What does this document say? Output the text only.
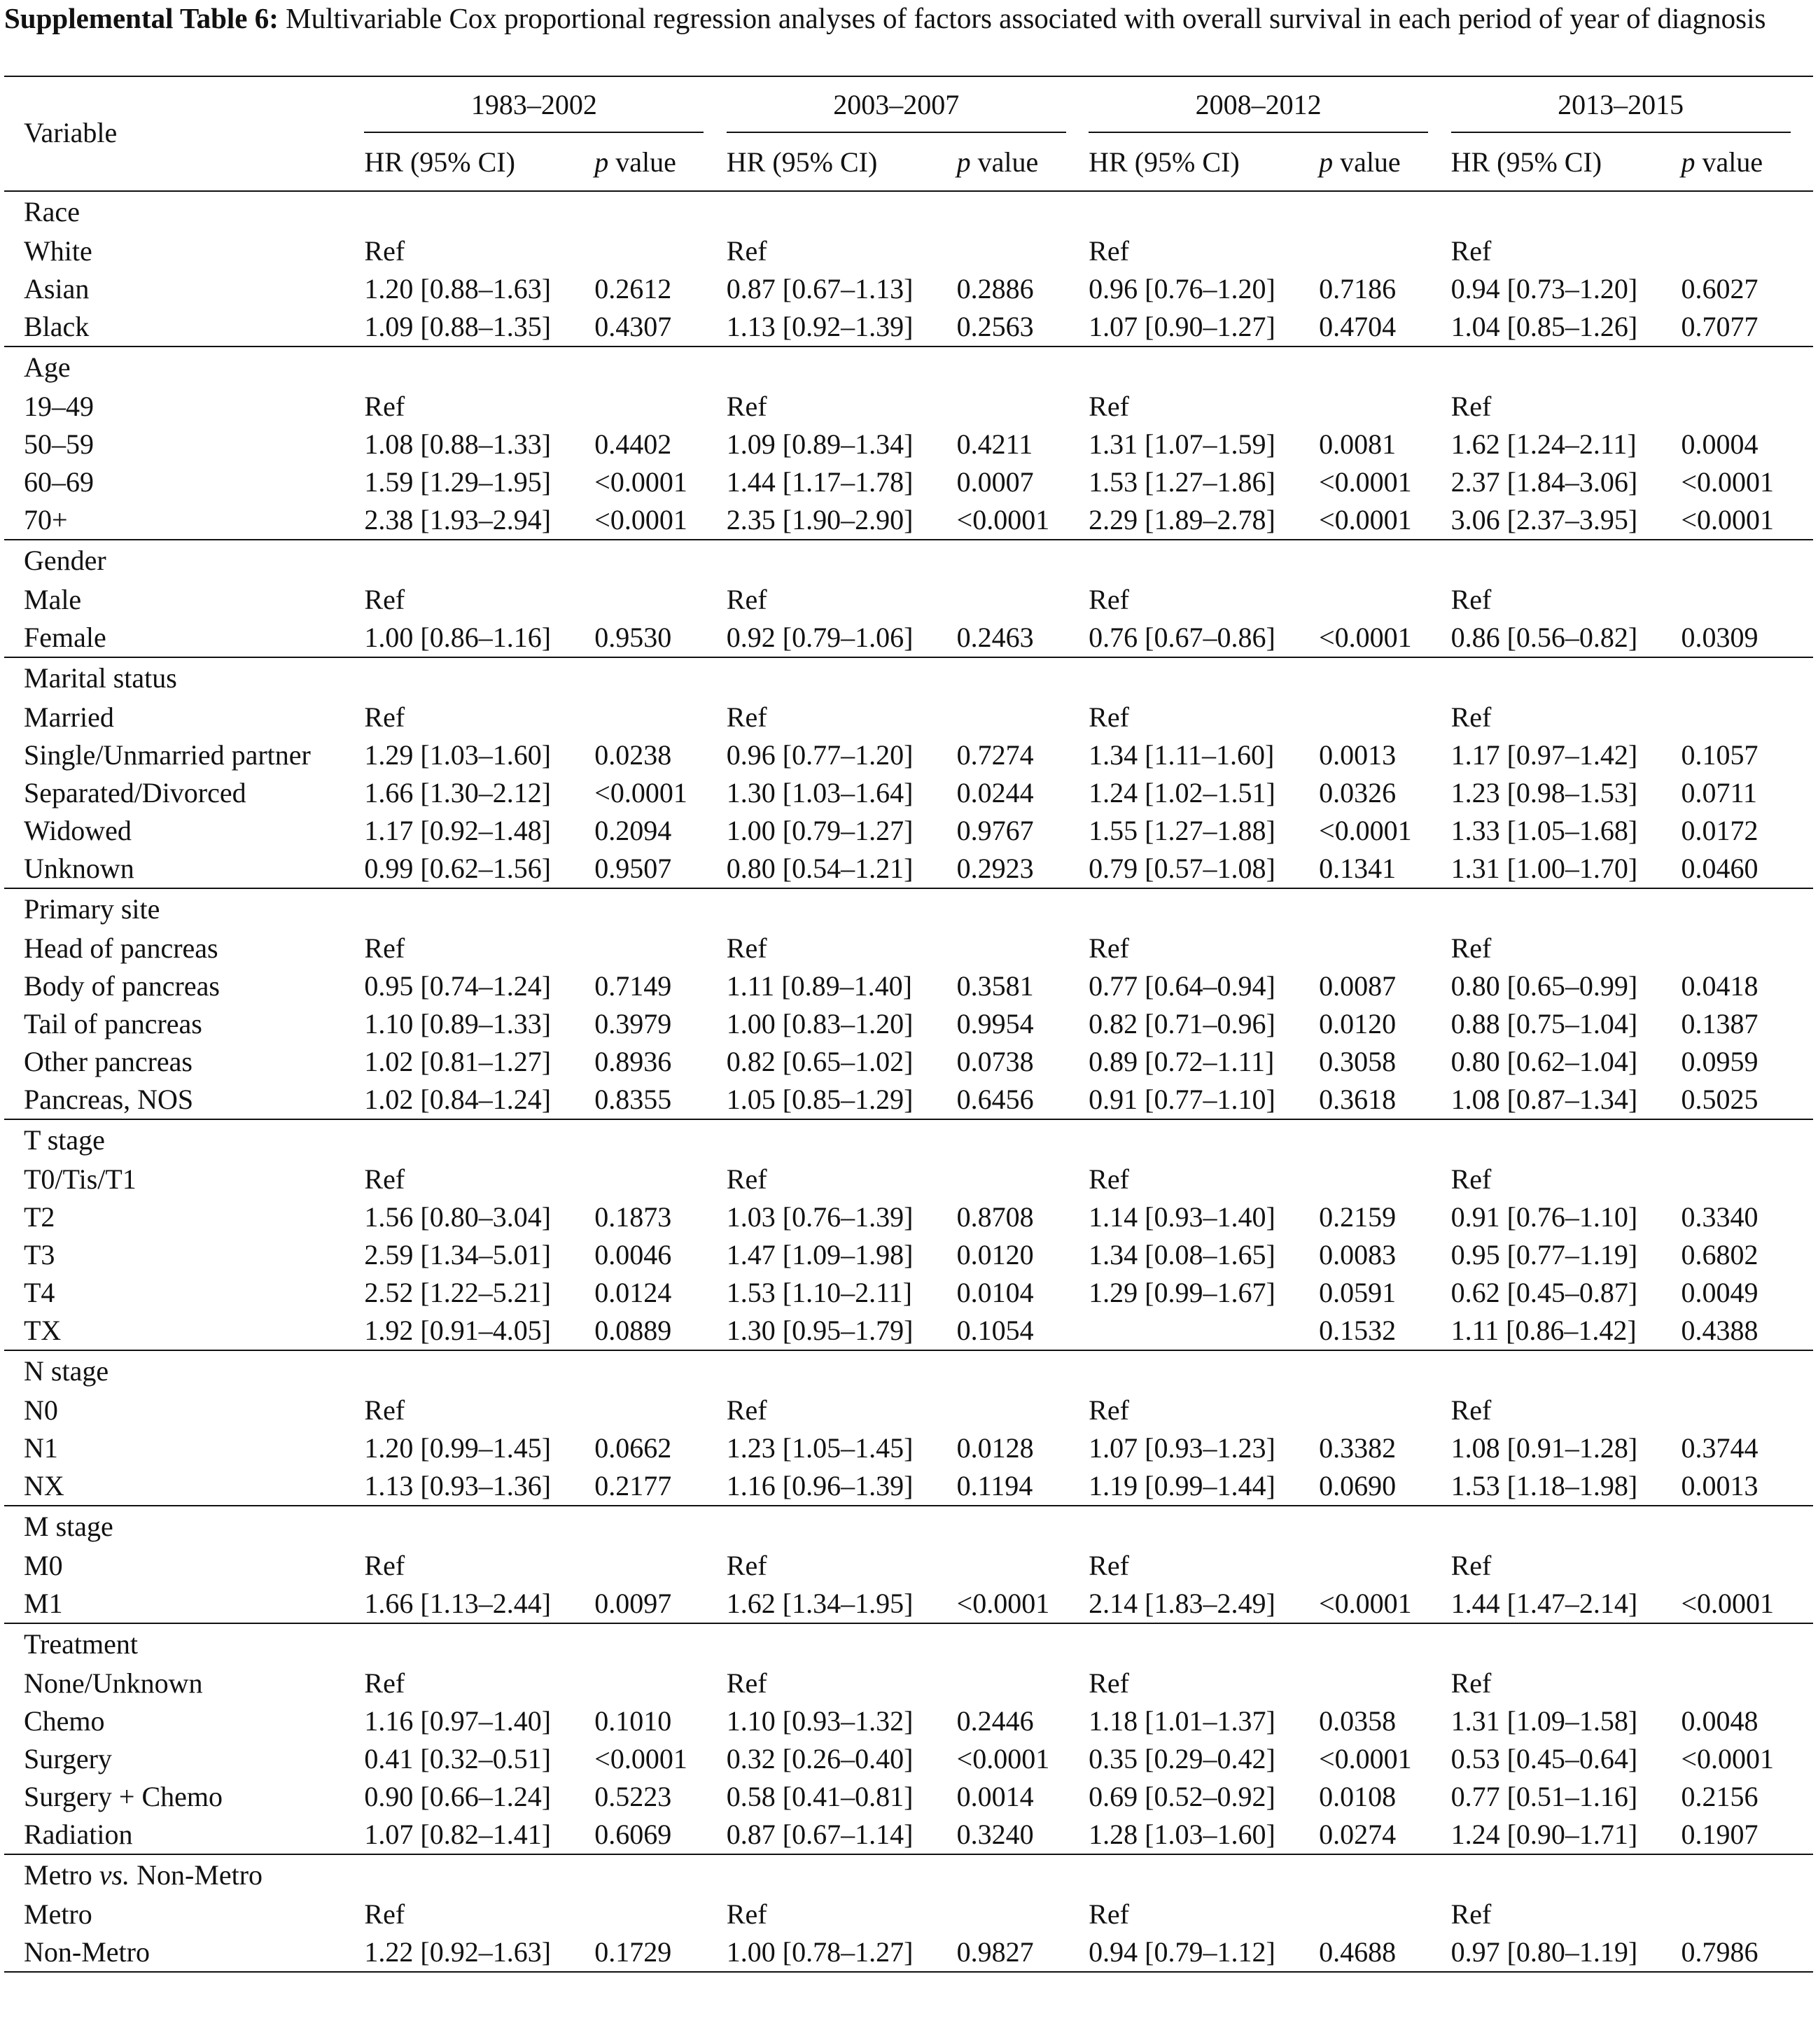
Supplemental Table 6: Multivariable Cox proportional regression analyses of factors associated with overall survival in each period of year of diagnosis

	1983–2002		2003–2007		2008–2012		2013–2015	

Variable	HR (95% CI)	p value	HR (95% CI)	p value	HR (95% CI)	p value	HR (95% CI)	p value
Race								
White	Ref		Ref		Ref		Ref	
Asian	1.20 [0.88–1.63]	0.2612	0.87 [0.67–1.13]	0.2886	0.96 [0.76–1.20]	0.7186	0.94 [0.73–1.20]	0.6027
Black	1.09 [0.88–1.35]	0.4307	1.13 [0.92–1.39]	0.2563	1.07 [0.90–1.27]	0.4704	1.04 [0.85–1.26]	0.7077
Age								
19–49	Ref		Ref		Ref		Ref	
50–59	1.08 [0.88–1.33]	0.4402	1.09 [0.89–1.34]	0.4211	1.31 [1.07–1.59]	0.0081	1.62 [1.24–2.11]	0.0004
60–69	1.59 [1.29–1.95]	<0.0001	1.44 [1.17–1.78]	0.0007	1.53 [1.27–1.86]	<0.0001	2.37 [1.84–3.06]	<0.0001
70+	2.38 [1.93–2.94]	<0.0001	2.35 [1.90–2.90]	<0.0001	2.29 [1.89–2.78]	<0.0001	3.06 [2.37–3.95]	<0.0001
Gender								
Male	Ref		Ref		Ref		Ref	
Female	1.00 [0.86–1.16]	0.9530	0.92 [0.79–1.06]	0.2463	0.76 [0.67–0.86]	<0.0001	0.86 [0.56–0.82]	0.0309
Marital status								
Married	Ref		Ref		Ref		Ref	
Single/Unmarried partner	1.29 [1.03–1.60]	0.0238	0.96 [0.77–1.20]	0.7274	1.34 [1.11–1.60]	0.0013	1.17 [0.97–1.42]	0.1057
Separated/Divorced	1.66 [1.30–2.12]	<0.0001	1.30 [1.03–1.64]	0.0244	1.24 [1.02–1.51]	0.0326	1.23 [0.98–1.53]	0.0711
Widowed	1.17 [0.92–1.48]	0.2094	1.00 [0.79–1.27]	0.9767	1.55 [1.27–1.88]	<0.0001	1.33 [1.05–1.68]	0.0172
Unknown	0.99 [0.62–1.56]	0.9507	0.80 [0.54–1.21]	0.2923	0.79 [0.57–1.08]	0.1341	1.31 [1.00–1.70]	0.0460
Primary site								
Head of pancreas	Ref		Ref		Ref		Ref	
Body of pancreas	0.95 [0.74–1.24]	0.7149	1.11 [0.89–1.40]	0.3581	0.77 [0.64–0.94]	0.0087	0.80 [0.65–0.99]	0.0418
Tail of pancreas	1.10 [0.89–1.33]	0.3979	1.00 [0.83–1.20]	0.9954	0.82 [0.71–0.96]	0.0120	0.88 [0.75–1.04]	0.1387
Other pancreas	1.02 [0.81–1.27]	0.8936	0.82 [0.65–1.02]	0.0738	0.89 [0.72–1.11]	0.3058	0.80 [0.62–1.04]	0.0959
Pancreas, NOS	1.02 [0.84–1.24]	0.8355	1.05 [0.85–1.29]	0.6456	0.91 [0.77–1.10]	0.3618	1.08 [0.87–1.34]	0.5025
T stage								
T0/Tis/T1	Ref		Ref		Ref		Ref	
T2	1.56 [0.80–3.04]	0.1873	1.03 [0.76–1.39]	0.8708	1.14 [0.93–1.40]	0.2159	0.91 [0.76–1.10]	0.3340
T3	2.59 [1.34–5.01]	0.0046	1.47 [1.09–1.98]	0.0120	1.34 [0.08–1.65]	0.0083	0.95 [0.77–1.19]	0.6802
T4	2.52 [1.22–5.21]	0.0124	1.53 [1.10–2.11]	0.0104	1.29 [0.99–1.67]	0.0591	0.62 [0.45–0.87]	0.0049
TX	1.92 [0.91–4.05]	0.0889	1.30 [0.95–1.79]	0.1054		0.1532	1.11 [0.86–1.42]	0.4388
N stage								
N0	Ref		Ref		Ref		Ref	
N1	1.20 [0.99–1.45]	0.0662	1.23 [1.05–1.45]	0.0128	1.07 [0.93–1.23]	0.3382	1.08 [0.91–1.28]	0.3744
NX	1.13 [0.93–1.36]	0.2177	1.16 [0.96–1.39]	0.1194	1.19 [0.99–1.44]	0.0690	1.53 [1.18–1.98]	0.0013
M stage								
M0	Ref		Ref		Ref		Ref	
M1	1.66 [1.13–2.44]	0.0097	1.62 [1.34–1.95]	<0.0001	2.14 [1.83–2.49]	<0.0001	1.44 [1.47–2.14]	<0.0001
Treatment								
None/Unknown	Ref		Ref		Ref		Ref	
Chemo	1.16 [0.97–1.40]	0.1010	1.10 [0.93–1.32]	0.2446	1.18 [1.01–1.37]	0.0358	1.31 [1.09–1.58]	0.0048
Surgery	0.41 [0.32–0.51]	<0.0001	0.32 [0.26–0.40]	<0.0001	0.35 [0.29–0.42]	<0.0001	0.53 [0.45–0.64]	<0.0001
Surgery + Chemo	0.90 [0.66–1.24]	0.5223	0.58 [0.41–0.81]	0.0014	0.69 [0.52–0.92]	0.0108	0.77 [0.51–1.16]	0.2156
Radiation	1.07 [0.82–1.41]	0.6069	0.87 [0.67–1.14]	0.3240	1.28 [1.03–1.60]	0.0274	1.24 [0.90–1.71]	0.1907
Metro vs. Non-Metro								
Metro	Ref		Ref		Ref		Ref	
Non-Metro	1.22 [0.92–1.63]	0.1729	1.00 [0.78–1.27]	0.9827	0.94 [0.79–1.12]	0.4688	0.97 [0.80–1.19]	0.7986
